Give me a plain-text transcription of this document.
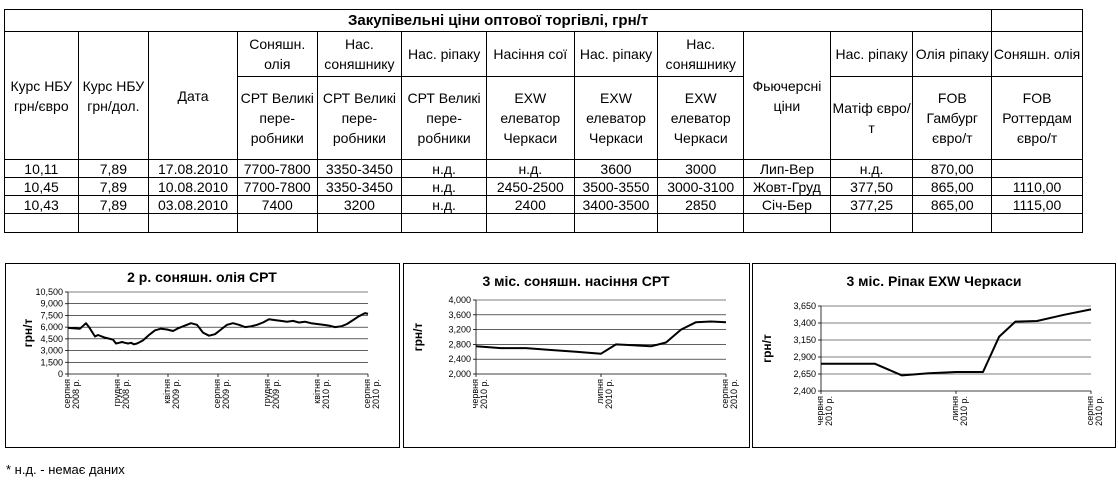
Закупівельні ціни оптової торгівлі, грн/т												
Курс НБУ грн/євро	Курс НБУ грн/дол.	Дата	Соняшн. олія	Нас. соняшнику	Нас. ріпаку	Насіння сої	Нас. ріпаку	Нас. соняшнику	Фьючерсні ціни	Нас. ріпаку	Олія ріпаку	Соняшн. олія
			СРТ Великі пере-робники	СРТ Великі пере-робники	СРТ Великі пере-робники	EXW елеватор Черкаси	EXW елеватор Черкаси	EXW елеватор Черкаси		Матіф євро/т	FOB Гамбург євро/т	FOB Роттердам євро/т
10,11	7,89	17.08.2010	7700-7800	3350-3450	н.д.	н.д.	3600	3000	Лип-Вер	н.д.	870,00	
10,45	7,89	10.08.2010	7700-7800	3350-3450	н.д.	2450-2500	3500-3550	3000-3100	Жовт-Груд	377,50	865,00	1110,00
10,43	7,89	03.08.2010	7400	3200	н.д.	2400	3400-3500	2850	Січ-Бер	377,25	865,00	1115,00

2 р. соняшн. олія СРТ
0
1,500
3,000
4,500
6,000
7,500
9,000
10,500
грн/т
серпня2008 р.	грудня2008 р.	квітня2009 р.	серпня2009 р.	грудня2009 р.	квітня2010 р.	серпня2010 р.
3 міс. соняшн. насіння СРТ
2,000
2,400
2,800
3,200
3,600
4,000
грн/т
червня2010 р.	липня2010 р.	серпня2010 р.
3 міс. Ріпак EXW Черкаси
2,400
2,650
2,900
3,150
3,400
3,650
грн/т
червня2010 р.	липня2010 р.	серпня2010 р.
* н.д. - немає даних
